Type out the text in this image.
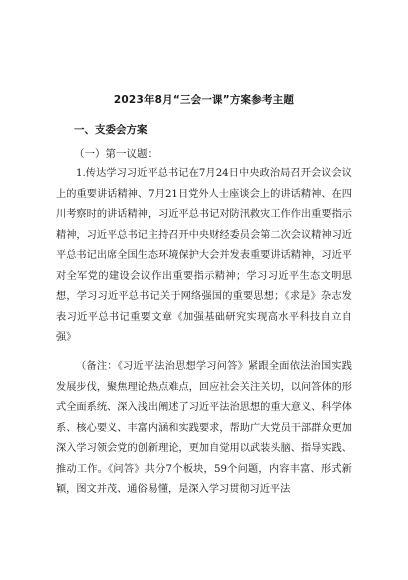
2023年8月“三会一课”方案参考主题
一、支委会方案
（一）第一议题：
1.传达学习习近平总书记在7月24日中央政治局召开会议会议上的重要讲话精神、7月21日党外人士座谈会上的讲话精神、在四川考察时的讲话精神，习近平总书记对防汛救灾工作作出重要指示精神，习近平总书记主持召开中央财经委员会第二次会议精神习近平总书记出席全国生态环境保护大会并发表重要讲话精神，习近平对全军党的建设会议作出重要指示精神；学习习近平生态文明思想，学习习近平总书记关于网络强国的重要思想；《求是》杂志发表习近平总书记重要文章《加强基础研究实现高水平科技自立自强》
（备注：《习近平法治思想学习问答》紧跟全面依法治国实践发展步伐，聚焦理论热点难点，回应社会关注关切，以问答体的形式全面系统、深入浅出阐述了习近平法治思想的重大意义、科学体系、核心要义、丰富内涵和实践要求，帮助广大党员干部群众更加深入学习领会党的创新理论，更加自觉用以武装头脑、指导实践、推动工作。《问答》共分7个板块，59个问题，内容丰富、形式新颖，图文并茂、通俗易懂，是深入学习贯彻习近平法
